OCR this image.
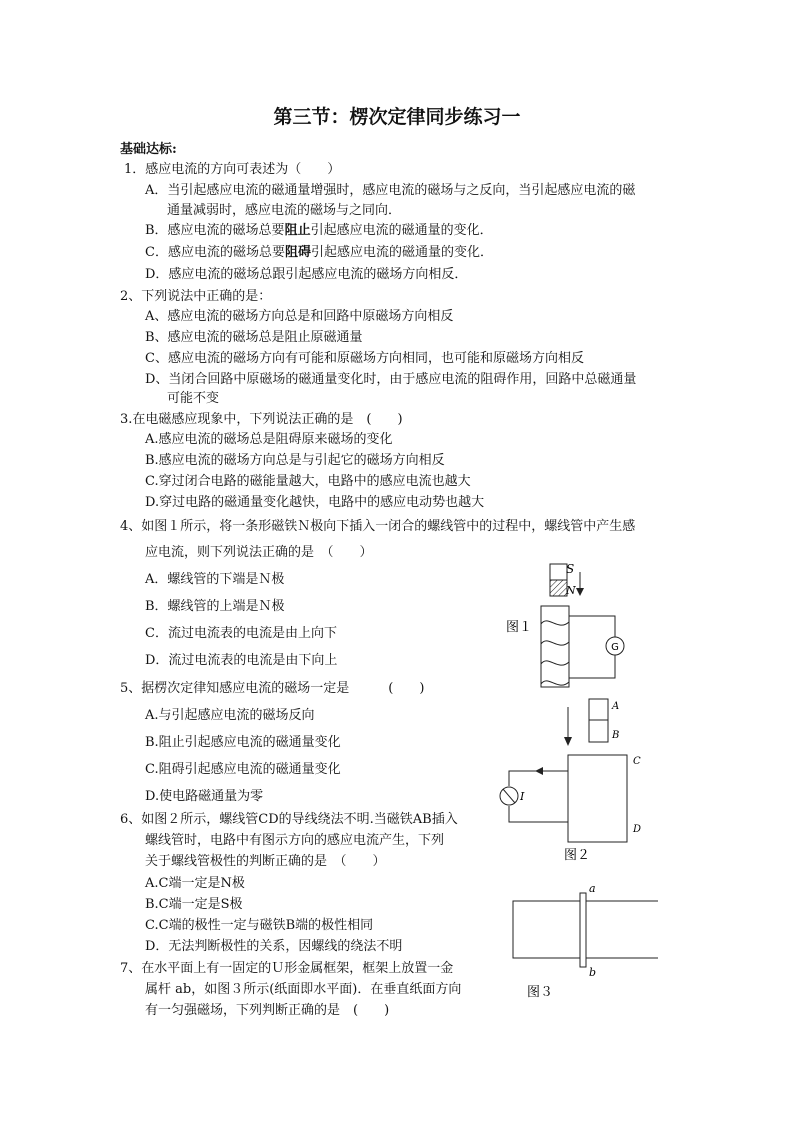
第三节：楞次定律同步练习一
基础达标:
1．感应电流的方向可表述为（　　）
A．当引起感应电流的磁通量增强时，感应电流的磁场与之反向，当引起感应电流的磁
通量减弱时，感应电流的磁场与之同向．
B．感应电流的磁场总要阻止引起感应电流的磁通量的变化．
C．感应电流的磁场总要阻碍引起感应电流的磁通量的变化．
D．感应电流的磁场总跟引起感应电流的磁场方向相反．
2、下列说法中正确的是：
A、感应电流的磁场方向总是和回路中原磁场方向相反
B、感应电流的磁场总是阻止原磁通量
C、感应电流的磁场方向有可能和原磁场方向相同，也可能和原磁场方向相反
D、当闭合回路中原磁场的磁通量变化时，由于感应电流的阻碍作用，回路中总磁通量
可能不变
3.在电磁感应现象中，下列说法正确的是　(　　)
A.感应电流的磁场总是阻碍原来磁场的变化
B.感应电流的磁场方向总是与引起它的磁场方向相反
C.穿过闭合电路的磁能量越大，电路中的感应电流也越大
D.穿过电路的磁通量变化越快，电路中的感应电动势也越大
4、如图１所示，将一条形磁铁Ｎ极向下插入一闭合的螺线管中的过程中，螺线管中产生感
应电流，则下列说法正确的是　（　　）
A．螺线管的下端是Ｎ极
B．螺线管的上端是Ｎ极
C．流过电流表的电流是由上向下
D．流过电流表的电流是由下向上
5、据楞次定律知感应电流的磁场一定是　　　(　　)
A.与引起感应电流的磁场反向
B.阻止引起感应电流的磁通量变化
C.阻碍引起感应电流的磁通量变化
D.使电路磁通量为零
6、如图２所示，螺线管CD的导线绕法不明.当磁铁AB插入
螺线管时，电路中有图示方向的感应电流产生，下列
关于螺线管极性的判断正确的是　（　　）
A.C端一定是N极
B.C端一定是S极
C.C端的极性一定与磁铁B端的极性相同
D．无法判断极性的关系，因螺线的绕法不明
7、在水平面上有一固定的Ｕ形金属框架，框架上放置一金
属杆 ab，如图３所示(纸面即水平面)．在垂直纸面方向
有一匀强磁场，下列判断正确的是　(　　)
S
N
G
图１
A
B
C
D
I
图２
a
b
图３
